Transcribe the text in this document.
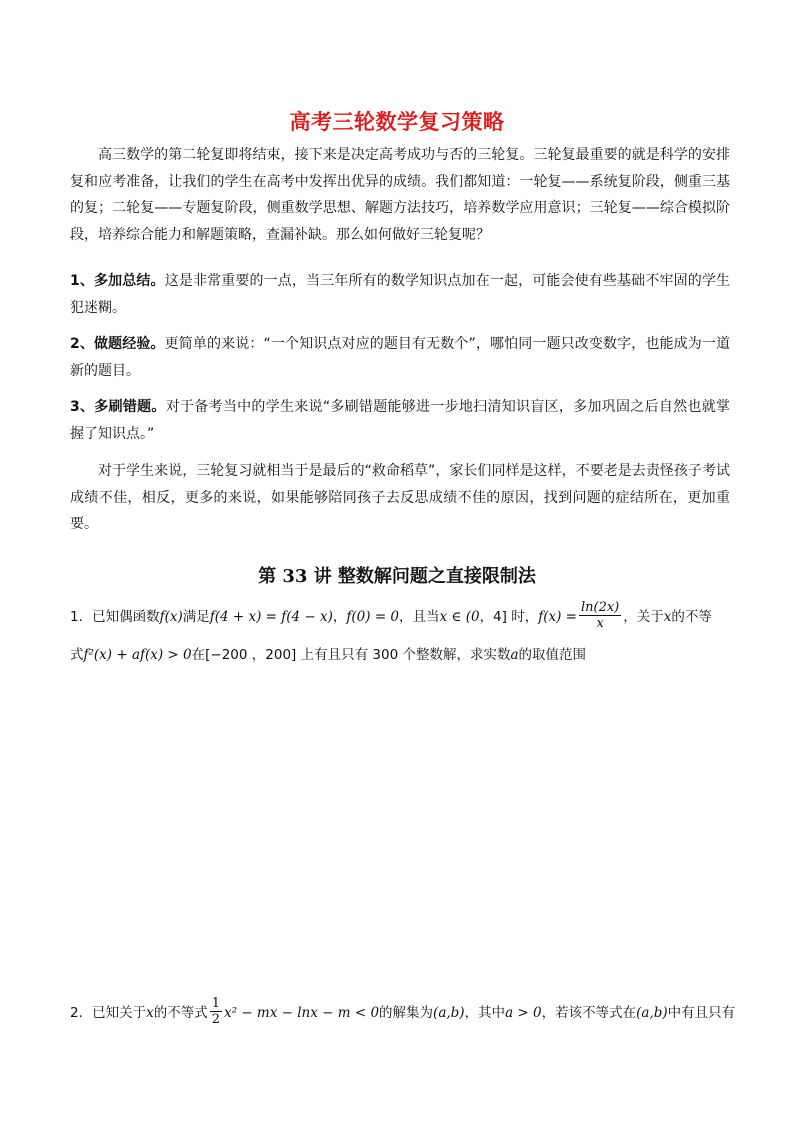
高考三轮数学复习策略

高三数学的第二轮复即将结束，接下来是决定高考成功与否的三轮复。三轮复最重要的就是科学的安排复和应考准备，让我们的学生在高考中发挥出优异的成绩。我们都知道：一轮复——系统复阶段，侧重三基的复；二轮复——专题复阶段，侧重数学思想、解题方法技巧，培养数学应用意识；三轮复——综合模拟阶段，培养综合能力和解题策略，查漏补缺。那么如何做好三轮复呢？

1、多加总结。这是非常重要的一点，当三年所有的数学知识点加在一起，可能会使有些基础不牢固的学生犯迷糊。

2、做题经验。更简单的来说：“一个知识点对应的题目有无数个”，哪怕同一题只改变数字，也能成为一道新的题目。

3、多刷错题。对于备考当中的学生来说“多刷错题能够进一步地扫清知识盲区，多加巩固之后自然也就掌握了知识点。”

对于学生来说，三轮复习就相当于是最后的“救命稻草”，家长们同样是这样，不要老是去责怪孩子考试成绩不佳，相反，更多的来说，如果能够陪同孩子去反思成绩不佳的原因，找到问题的症结所在，更加重要。

第 33 讲 整数解问题之直接限制法

1．已知偶函数f(x)满足f(4 + x) = f(4 − x)，f(0) = 0，且当x ∈ (0，4] 时，$f(x) = \frac{\ln(2x)}{x}$ ，关于x的不等
式f²(x) + af(x) > 0在[−200 ，200] 上有且只有 300 个整数解，求实数a的取值范围

2．已知关于x的不等式 $\frac{1}{2} x^2$ − mx − lnx − m < 0的解集为(a,b)，其中a > 0，若该不等式在(a,b)中有且只有
